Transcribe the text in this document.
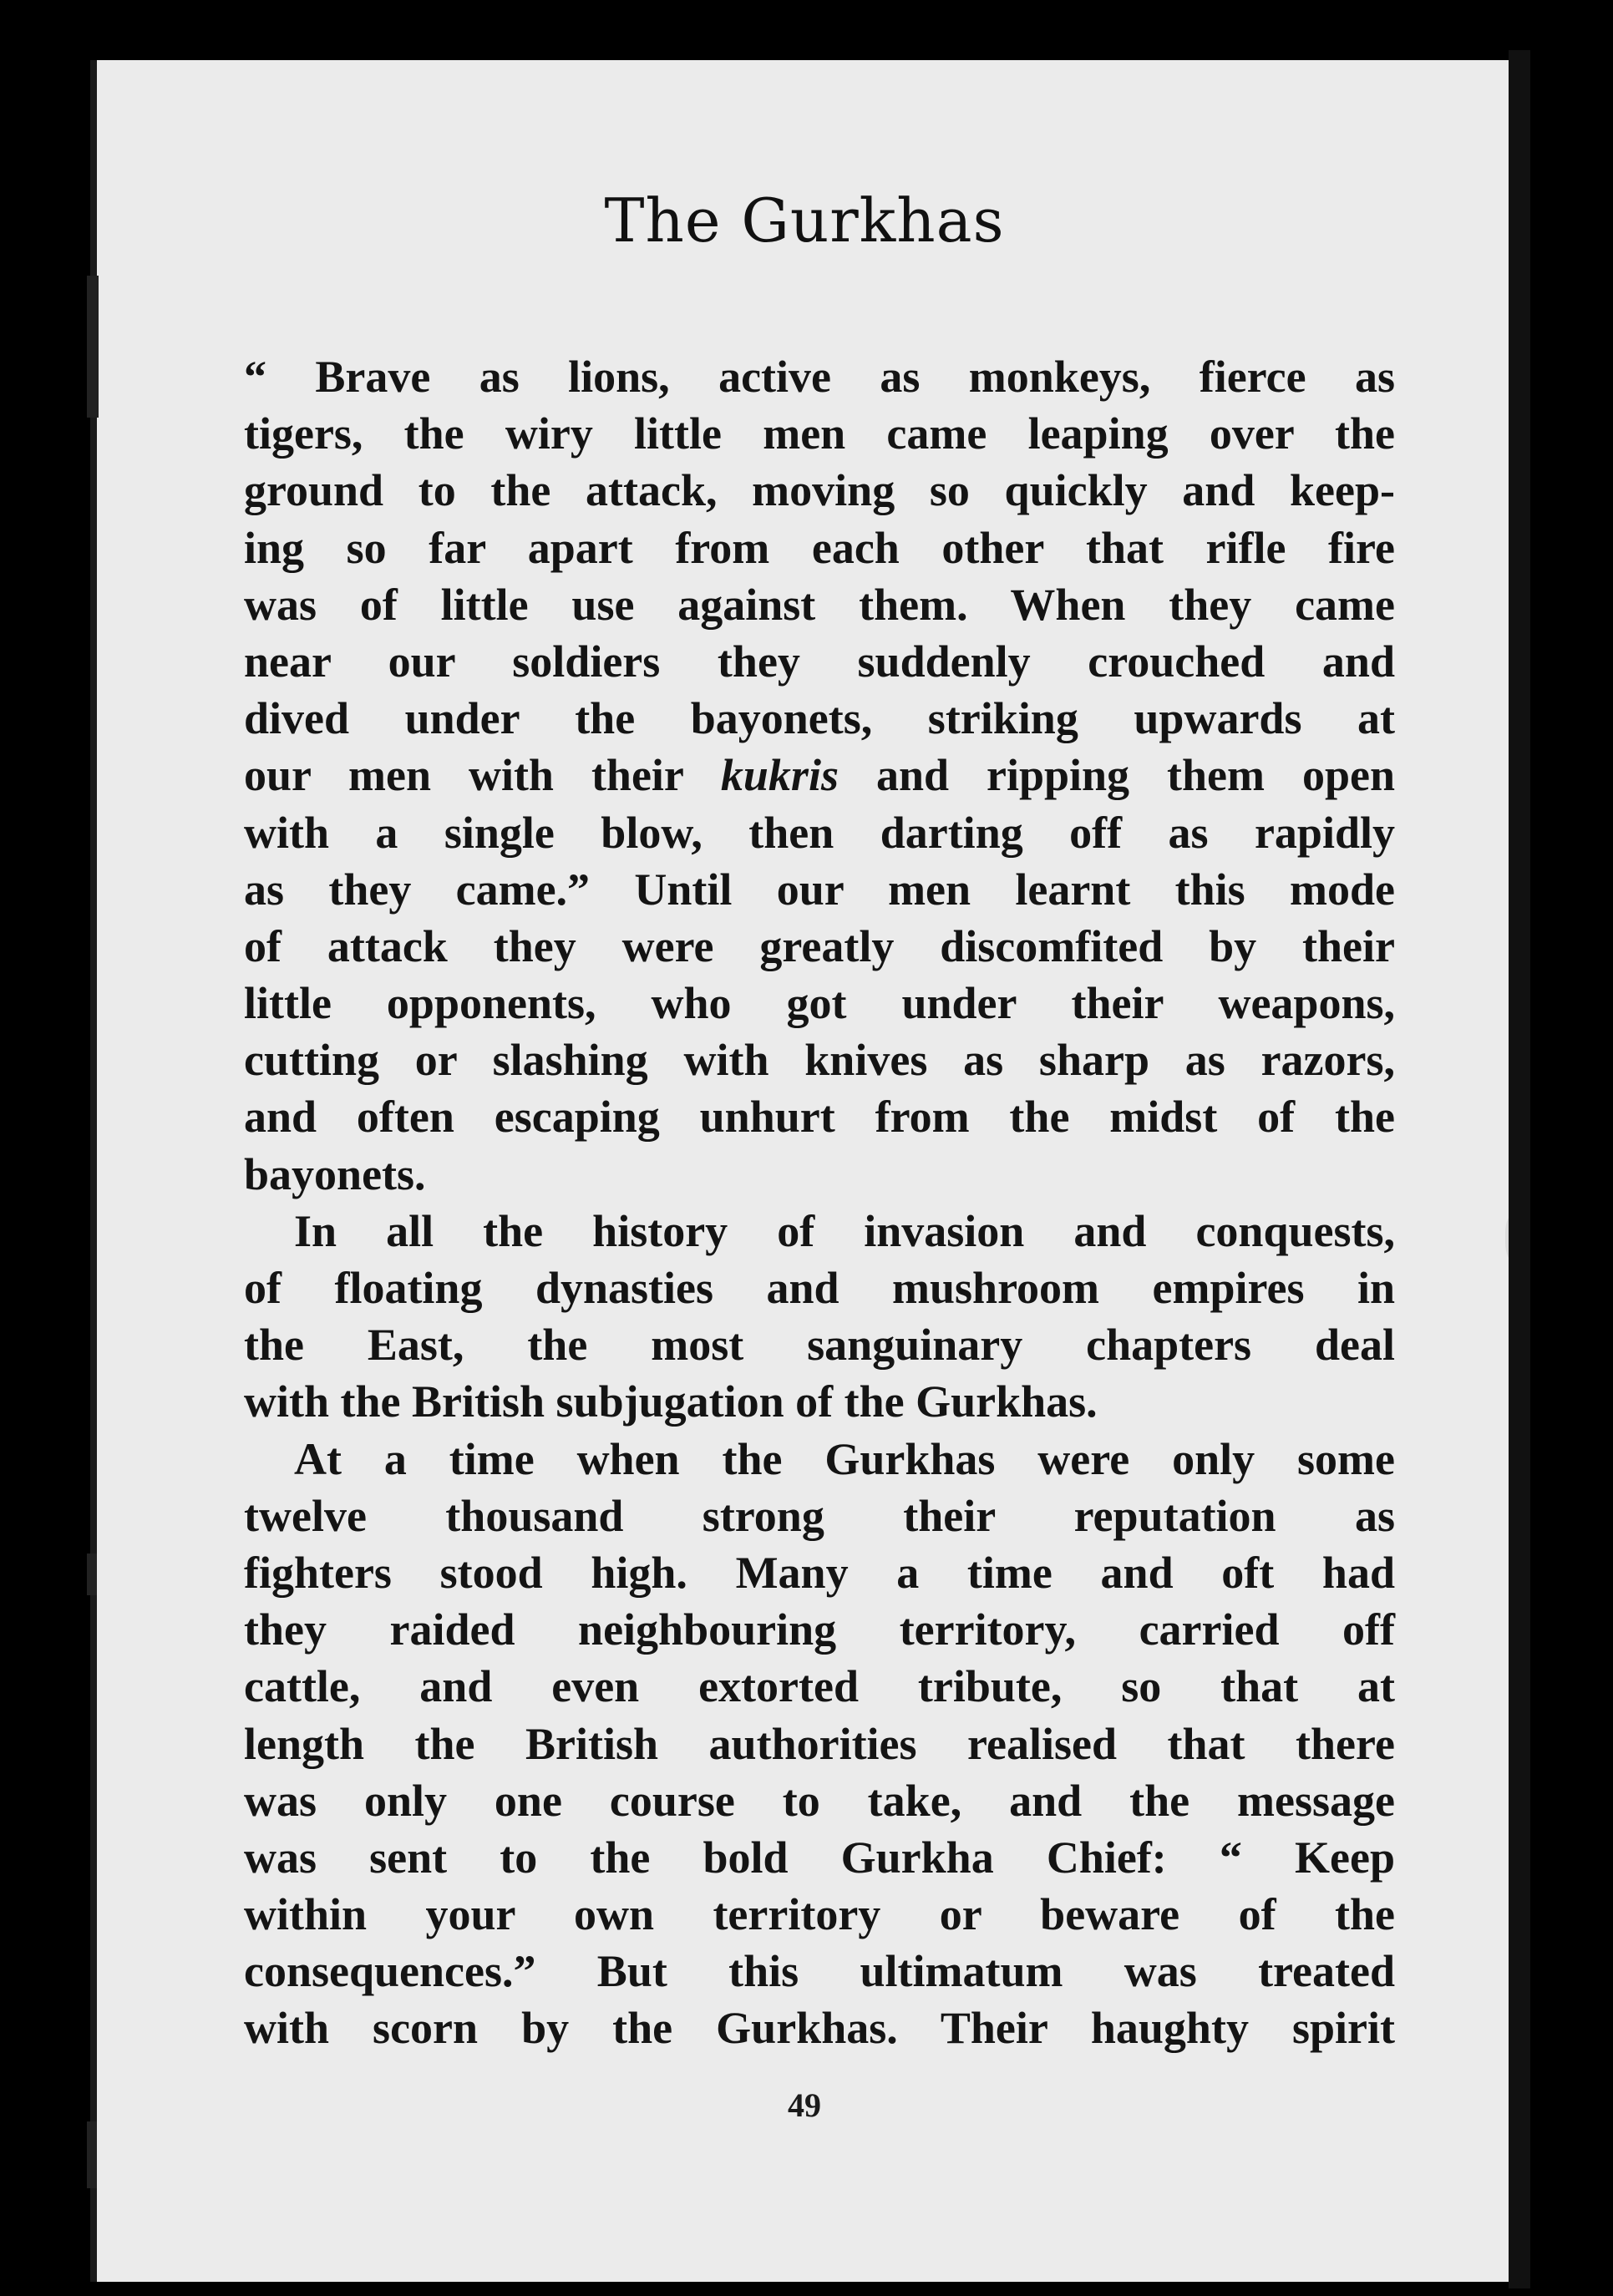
The Gurkhas
“ Brave as lions, active as monkeys, fierce as
tigers, the wiry little men came leaping over the
ground to the attack, moving so quickly and keep-
ing so far apart from each other that rifle fire
was of little use against them. When they came
near our soldiers they suddenly crouched and
dived under the bayonets, striking upwards at
our men with their kukris and ripping them open
with a single blow, then darting off as rapidly
as they came.” Until our men learnt this mode
of attack they were greatly discomfited by their
little opponents, who got under their weapons,
cutting or slashing with knives as sharp as razors,
and often escaping unhurt from the midst of the
bayonets.
In all the history of invasion and conquests,
of floating dynasties and mushroom empires in
the East, the most sanguinary chapters deal
with the British subjugation of the Gurkhas.
At a time when the Gurkhas were only some
twelve thousand strong their reputation as
fighters stood high. Many a time and oft had
they raided neighbouring territory, carried off
cattle, and even extorted tribute, so that at
length the British authorities realised that there
was only one course to take, and the message
was sent to the bold Gurkha Chief: “ Keep
within your own territory or beware of the
consequences.” But this ultimatum was treated
with scorn by the Gurkhas. Their haughty spirit
49
